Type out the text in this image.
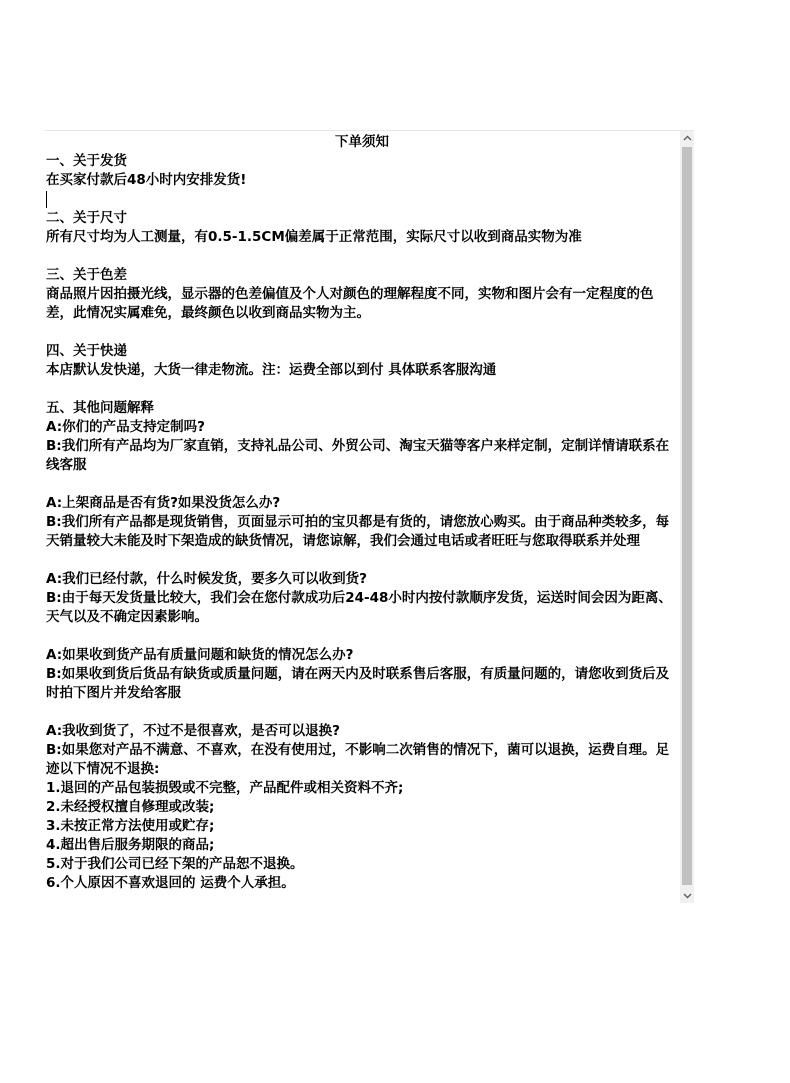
下单须知

一、关于发货

在买家付款后48小时内安排发货!

二、关于尺寸

所有尺寸均为人工测量，有0.5-1.5CM偏差属于正常范围，实际尺寸以收到商品实物为准

三、关于色差

商品照片因拍摄光线，显示器的色差偏值及个人对颜色的理解程度不同，实物和图片会有一定程度的色差，此情况实属难免，最终颜色以收到商品实物为主。

四、关于快递

本店默认发快递，大货一律走物流。注：运费全部以到付 具体联系客服沟通

五、其他问题解释

A:你们的产品支持定制吗?

B:我们所有产品均为厂家直销，支持礼品公司、外贸公司、淘宝天猫等客户来样定制，定制详情请联系在线客服

A:上架商品是否有货?如果没货怎么办?

B:我们所有产品都是现货销售，页面显示可拍的宝贝都是有货的，请您放心购买。由于商品种类较多，每天销量较大未能及时下架造成的缺货情况，请您谅解，我们会通过电话或者旺旺与您取得联系并处理

A:我们已经付款，什么时候发货，要多久可以收到货?

B:由于每天发货量比较大，我们会在您付款成功后24-48小时内按付款顺序发货，运送时间会因为距离、天气以及不确定因素影响。

A:如果收到货产品有质量问题和缺货的情况怎么办?

B:如果收到货后货品有缺货或质量问题，请在两天内及时联系售后客服，有质量问题的，请您收到货后及时拍下图片并发给客服

A:我收到货了，不过不是很喜欢，是否可以退换?

B:如果您对产品不满意、不喜欢，在没有使用过，不影响二次销售的情况下，菌可以退换，运费自理。足迹以下情况不退换:

1.退回的产品包装损毁或不完整，产品配件或相关资料不齐;

2.未经授权擅自修理或改装;

3.未按正常方法使用或贮存;

4.超出售后服务期限的商品;

5.对于我们公司已经下架的产品恕不退换。

6.个人原因不喜欢退回的 运费个人承担。
